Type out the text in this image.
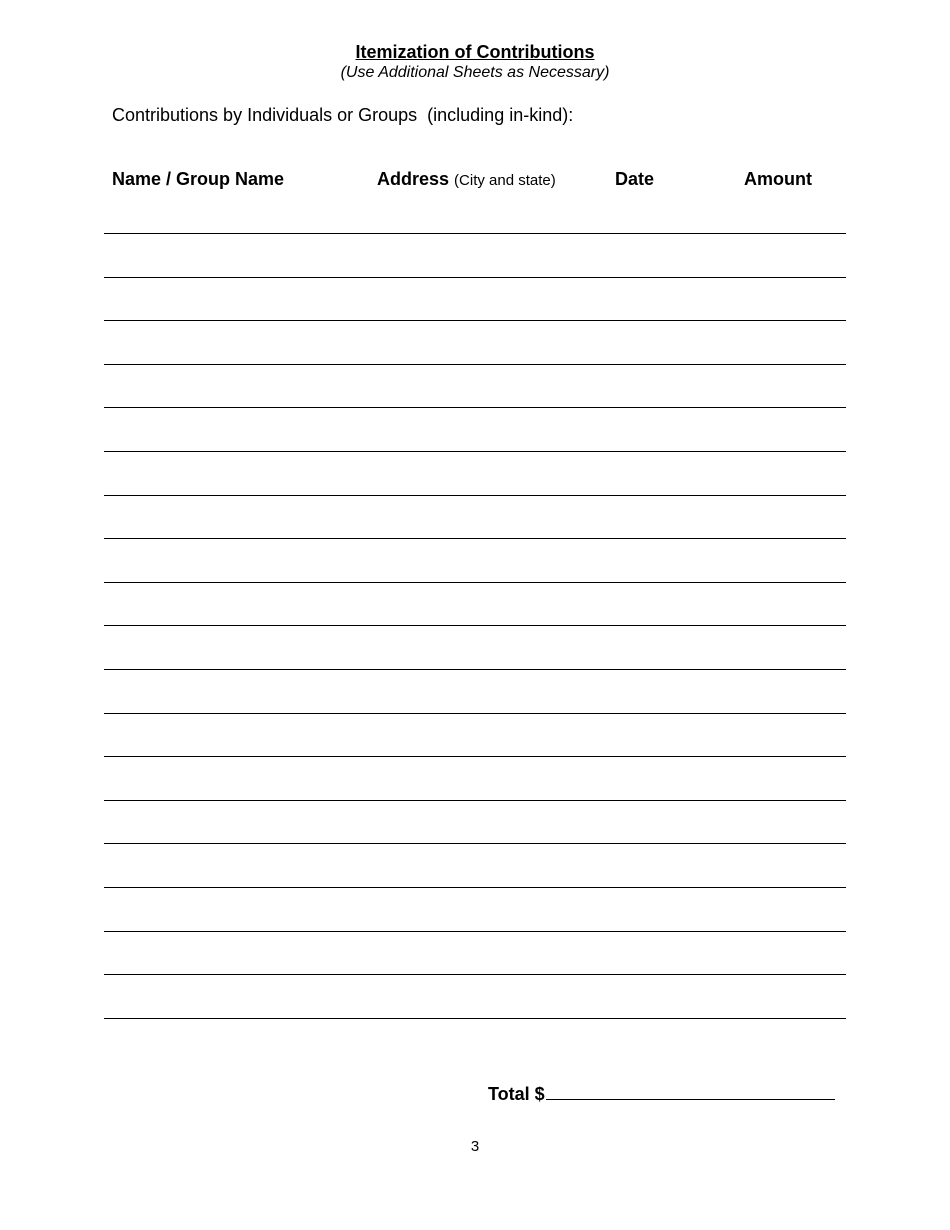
Itemization of Contributions
(Use Additional Sheets as Necessary)
Contributions by Individuals or Groups  (including in-kind):
Name / Group Name	Address (City and state)	Date	Amount
Total $
3
